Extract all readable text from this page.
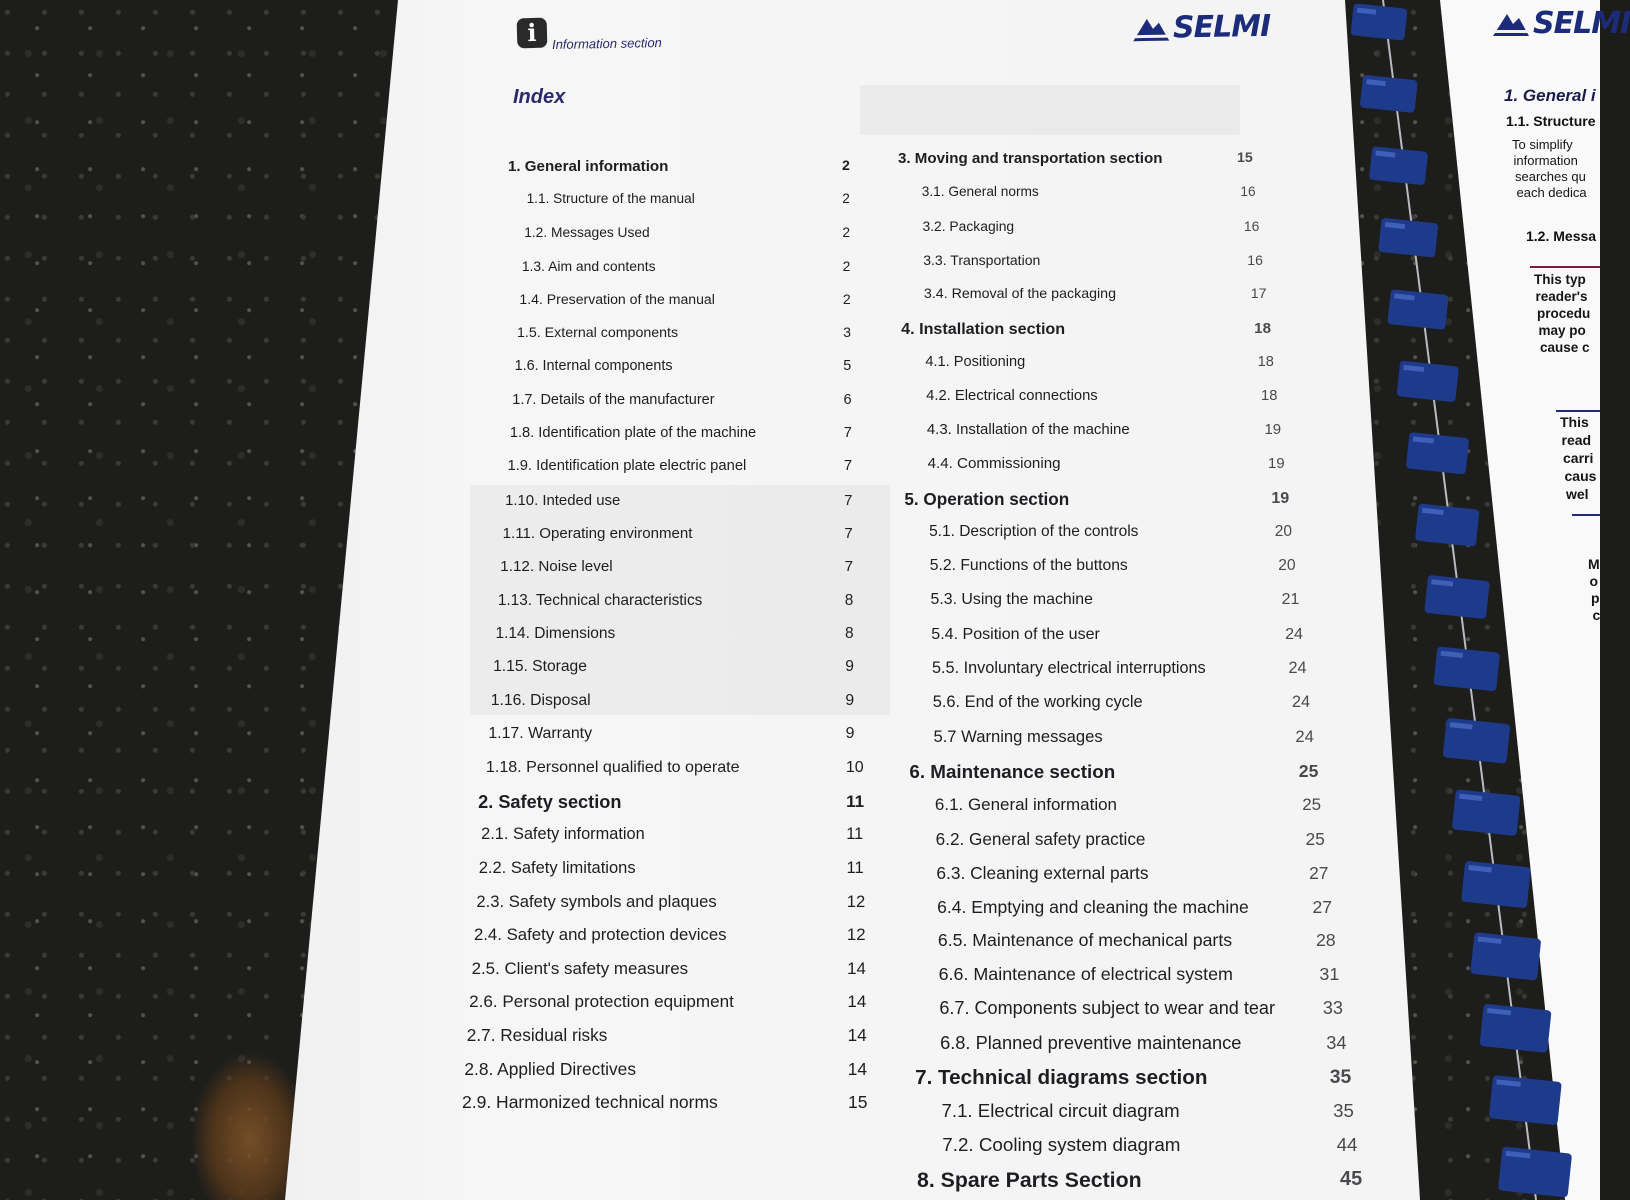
i	Information section	SELMI
Index
1. General information	2
1.1. Structure of the manual	2
1.2. Messages Used	2
1.3. Aim and contents	2
1.4. Preservation of the manual	2
1.5. External components	3
1.6. Internal components	5
1.7. Details of the manufacturer	6
1.8. Identification plate of the machine	7
1.9. Identification plate electric panel	7
1.10. Inteded use	7
1.11. Operating environment	7
1.12. Noise level	7
1.13. Technical characteristics	8
1.14. Dimensions	8
1.15. Storage	9
1.16. Disposal	9
1.17. Warranty	9
1.18. Personnel qualified to operate	10
2. Safety section	11
2.1. Safety information	11
2.2. Safety limitations	11
2.3. Safety symbols and plaques	12
2.4. Safety and protection devices	12
2.5. Client's safety measures	14
2.6. Personal protection equipment	14
2.7. Residual risks	14
2.8. Applied Directives	14
2.9. Harmonized technical norms	15
3. Moving and transportation section	15
3.1. General norms	16
3.2. Packaging	16
3.3. Transportation	16
3.4. Removal of the packaging	17
4. Installation section	18
4.1. Positioning	18
4.2. Electrical connections	18
4.3. Installation of the machine	19
4.4. Commissioning	19
5. Operation section	19
5.1. Description of the controls	20
5.2. Functions of the buttons	20
5.3. Using the machine	21
5.4. Position of the user	24
5.5. Involuntary electrical interruptions	24
5.6. End of the working cycle	24
5.7 Warning messages	24
6. Maintenance section	25
6.1. General information	25
6.2. General safety practice	25
6.3. Cleaning external parts	27
6.4. Emptying and cleaning the machine	27
6.5. Maintenance of mechanical parts	28
6.6. Maintenance of electrical system	31
6.7. Components subject to wear and tear	33
6.8. Planned preventive maintenance	34
7. Technical diagrams section	35
7.1. Electrical circuit diagram	35
7.2. Cooling system diagram	44
8. Spare Parts Section	45
SELMI
1. General i
1.1. Structure
To simplify
information
searches qu
each dedica
1.2. Messa
This typ
reader's
procedu
may po
cause c
This
read
carri
caus
wel
M
o
p
c
